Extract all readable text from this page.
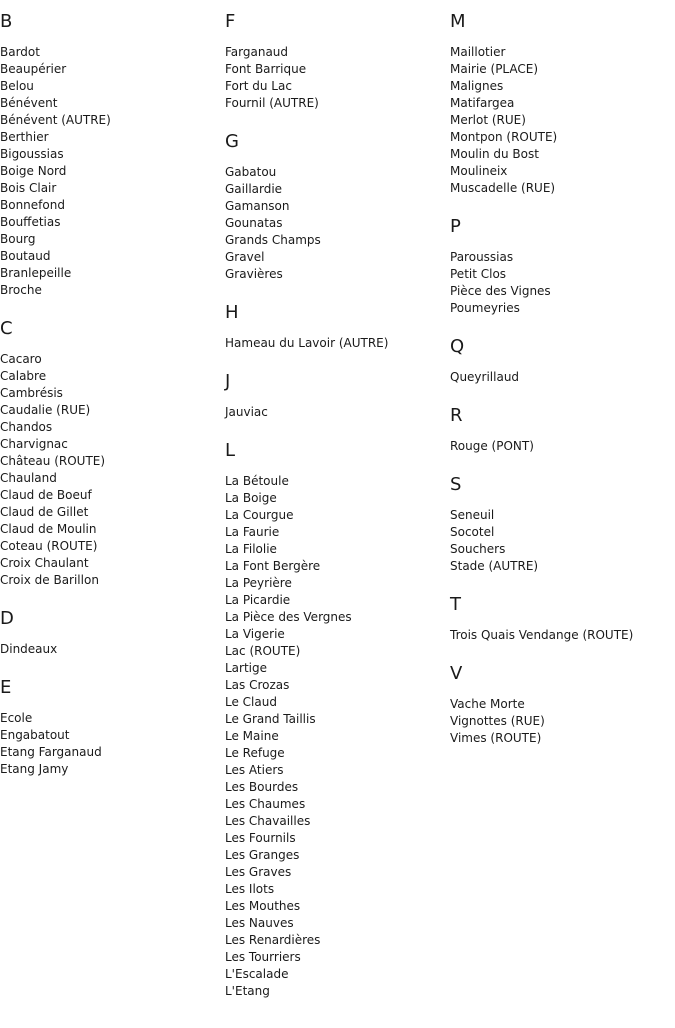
B
Bardot
Beaupérier
Belou
Bénévent
Bénévent (AUTRE)
Berthier
Bigoussias
Boige Nord
Bois Clair
Bonnefond
Bouffetias
Bourg
Boutaud
Branlepeille
Broche
C
Cacaro
Calabre
Cambrésis
Caudalie (RUE)
Chandos
Charvignac
Château (ROUTE)
Chauland
Claud de Boeuf
Claud de Gillet
Claud de Moulin
Coteau (ROUTE)
Croix Chaulant
Croix de Barillon
D
Dindeaux
E
Ecole
Engabatout
Etang Farganaud
Etang Jamy
F
Farganaud
Font Barrique
Fort du Lac
Fournil (AUTRE)
G
Gabatou
Gaillardie
Gamanson
Gounatas
Grands Champs
Gravel
Gravières
H
Hameau du Lavoir (AUTRE)
J
Jauviac
L
La Bétoule
La Boige
La Courgue
La Faurie
La Filolie
La Font Bergère
La Peyrière
La Picardie
La Pièce des Vergnes
La Vigerie
Lac (ROUTE)
Lartige
Las Crozas
Le Claud
Le Grand Taillis
Le Maine
Le Refuge
Les Atiers
Les Bourdes
Les Chaumes
Les Chavailles
Les Fournils
Les Granges
Les Graves
Les Ilots
Les Mouthes
Les Nauves
Les Renardières
Les Tourriers
L'Escalade
L'Etang
M
Maillotier
Mairie (PLACE)
Malignes
Matifargea
Merlot (RUE)
Montpon (ROUTE)
Moulin du Bost
Moulineix
Muscadelle (RUE)
P
Paroussias
Petit Clos
Pièce des Vignes
Poumeyries
Q
Queyrillaud
R
Rouge (PONT)
S
Seneuil
Socotel
Souchers
Stade (AUTRE)
T
Trois Quais Vendange (ROUTE)
V
Vache Morte
Vignottes (RUE)
Vimes (ROUTE)
